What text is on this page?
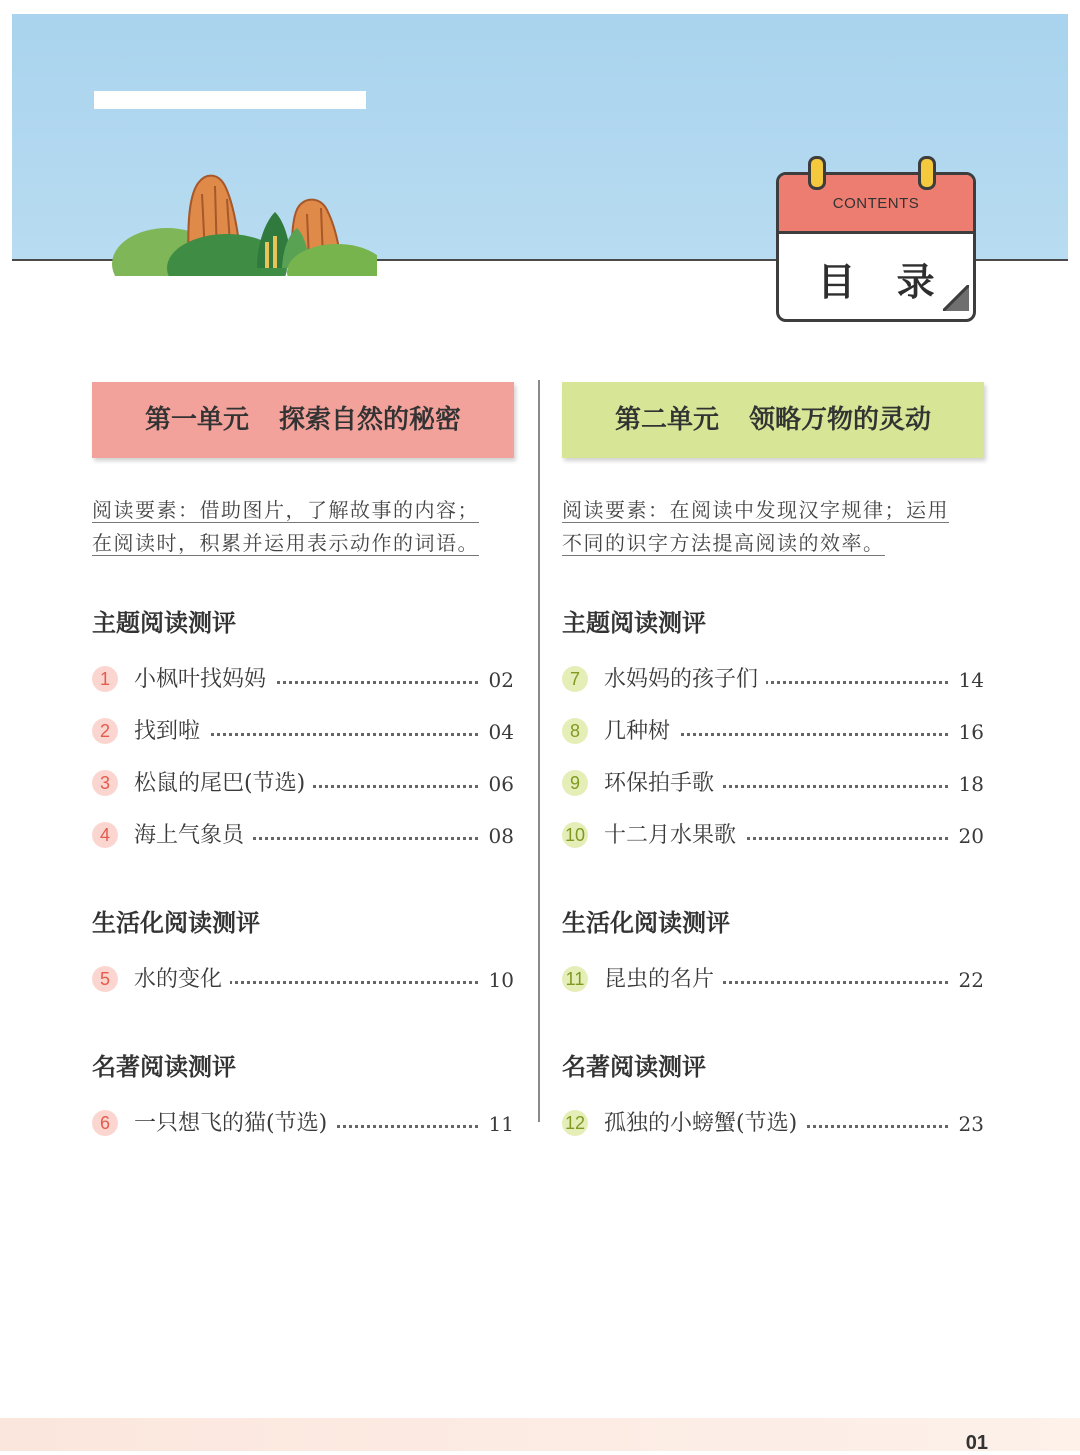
CONTENTS
目 录
第一单元 探索自然的秘密
阅读要素：借助图片，了解故事的内容；
在阅读时，积累并运用表示动作的词语。
主题阅读测评
1	小枫叶找妈妈	02
2	找到啦	04
3	松鼠的尾巴(节选)	06
4	海上气象员	08
生活化阅读测评
5	水的变化	10
名著阅读测评
6	一只想飞的猫(节选)	11
第二单元 领略万物的灵动
阅读要素：在阅读中发现汉字规律；运用
不同的识字方法提高阅读的效率。
主题阅读测评
7	水妈妈的孩子们	14
8	几种树	16
9	环保拍手歌	18
10 十二月水果歌	20
生活化阅读测评
11 昆虫的名片	22
名著阅读测评
12 孤独的小螃蟹(节选)	23
01
